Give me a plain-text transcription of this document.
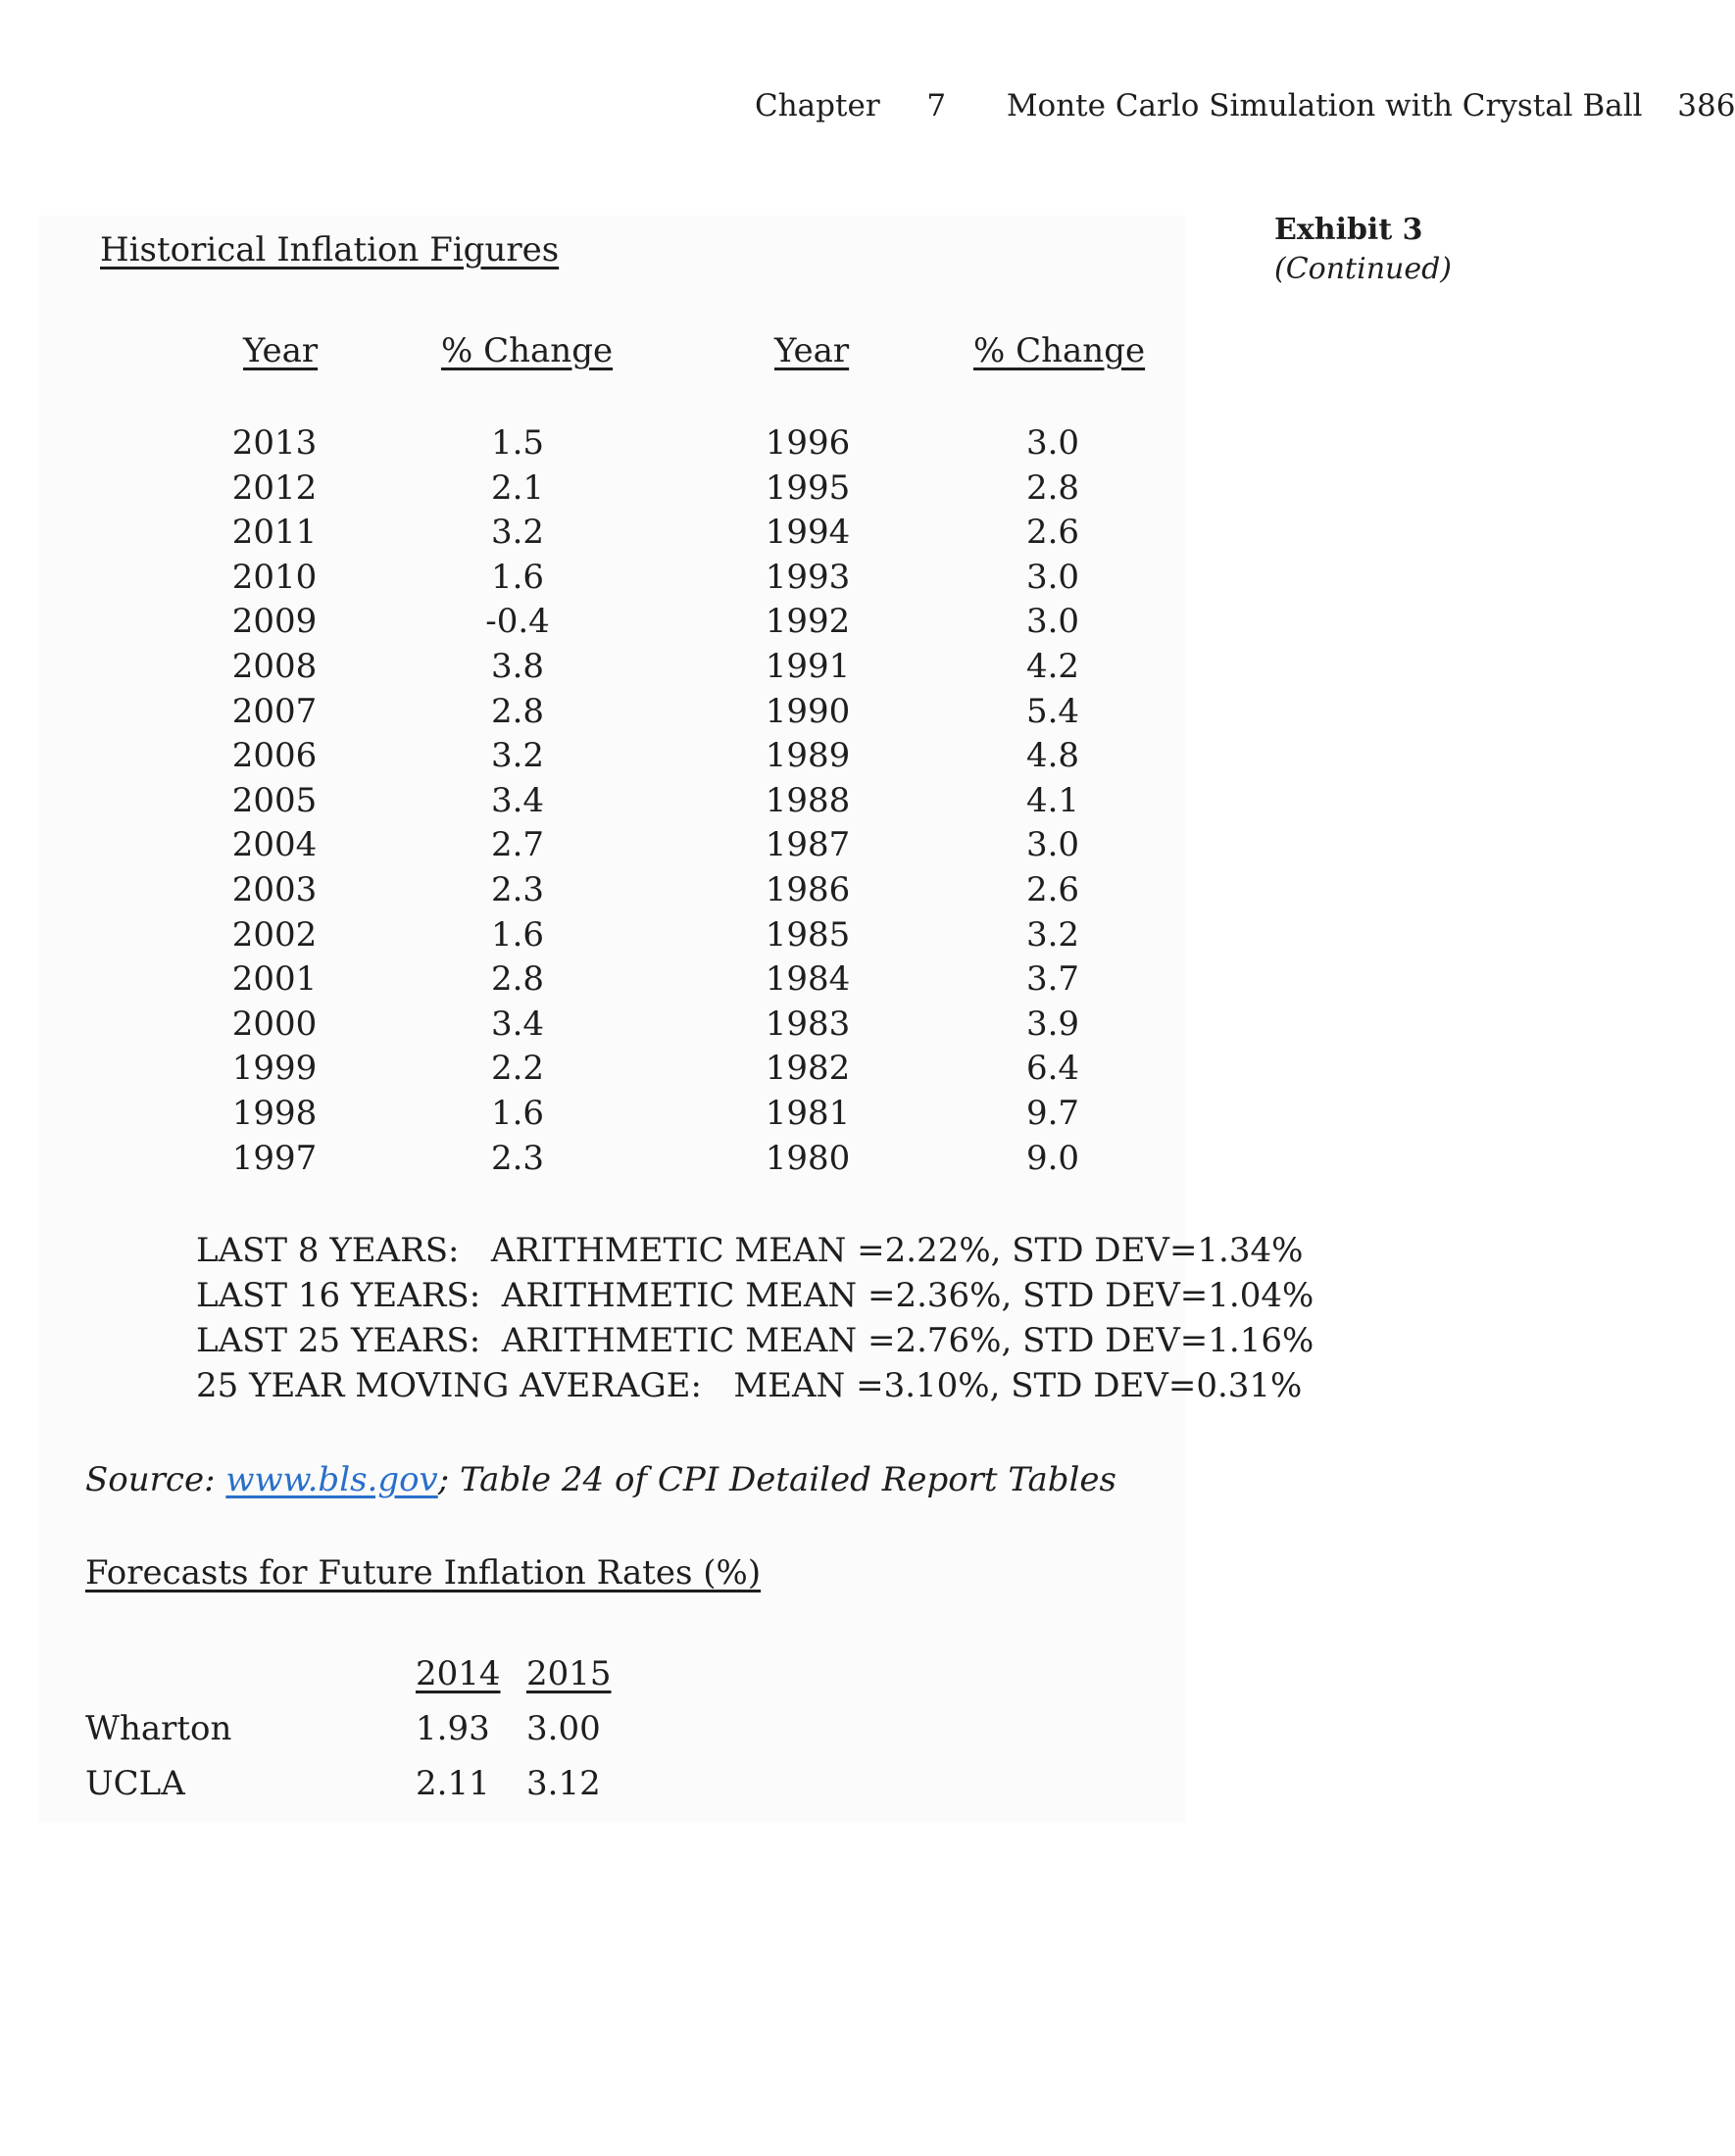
Chapter 7 Monte Carlo Simulation with Crystal Ball 386
Exhibit 3
(Continued)
Historical Inflation Figures
Year	% Change	Year	% Change
2013	1.5	1996	3.0
2012	2.1	1995	2.8
2011	3.2	1994	2.6
2010	1.6	1993	3.0
2009	-0.4	1992	3.0
2008	3.8	1991	4.2
2007	2.8	1990	5.4
2006	3.2	1989	4.8
2005	3.4	1988	4.1
2004	2.7	1987	3.0
2003	2.3	1986	2.6
2002	1.6	1985	3.2
2001	2.8	1984	3.7
2000	3.4	1983	3.9
1999	2.2	1982	6.4
1998	1.6	1981	9.7
1997	2.3	1980	9.0
LAST 8 YEARS:   ARITHMETIC MEAN =2.22%, STD DEV=1.34%
LAST 16 YEARS:  ARITHMETIC MEAN =2.36%, STD DEV=1.04%
LAST 25 YEARS:  ARITHMETIC MEAN =2.76%, STD DEV=1.16%
25 YEAR MOVING AVERAGE:   MEAN =3.10%, STD DEV=0.31%
Source: www.bls.gov; Table 24 of CPI Detailed Report Tables
Forecasts for Future Inflation Rates (%)
2014 2015
Wharton	1.93 3.00
UCLA	2.11 3.12
